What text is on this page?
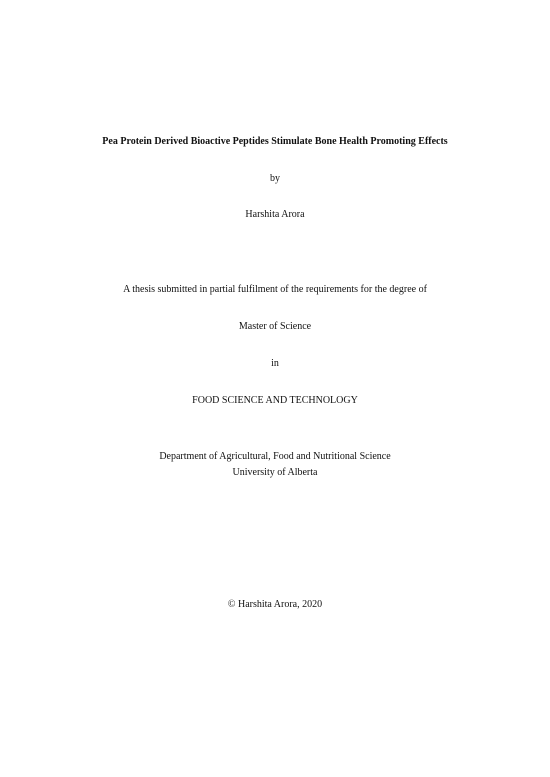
Pea Protein Derived Bioactive Peptides Stimulate Bone Health Promoting Effects
by
Harshita Arora
A thesis submitted in partial fulfilment of the requirements for the degree of
Master of Science
in
FOOD SCIENCE AND TECHNOLOGY
Department of Agricultural, Food and Nutritional Science
University of Alberta
© Harshita Arora, 2020
